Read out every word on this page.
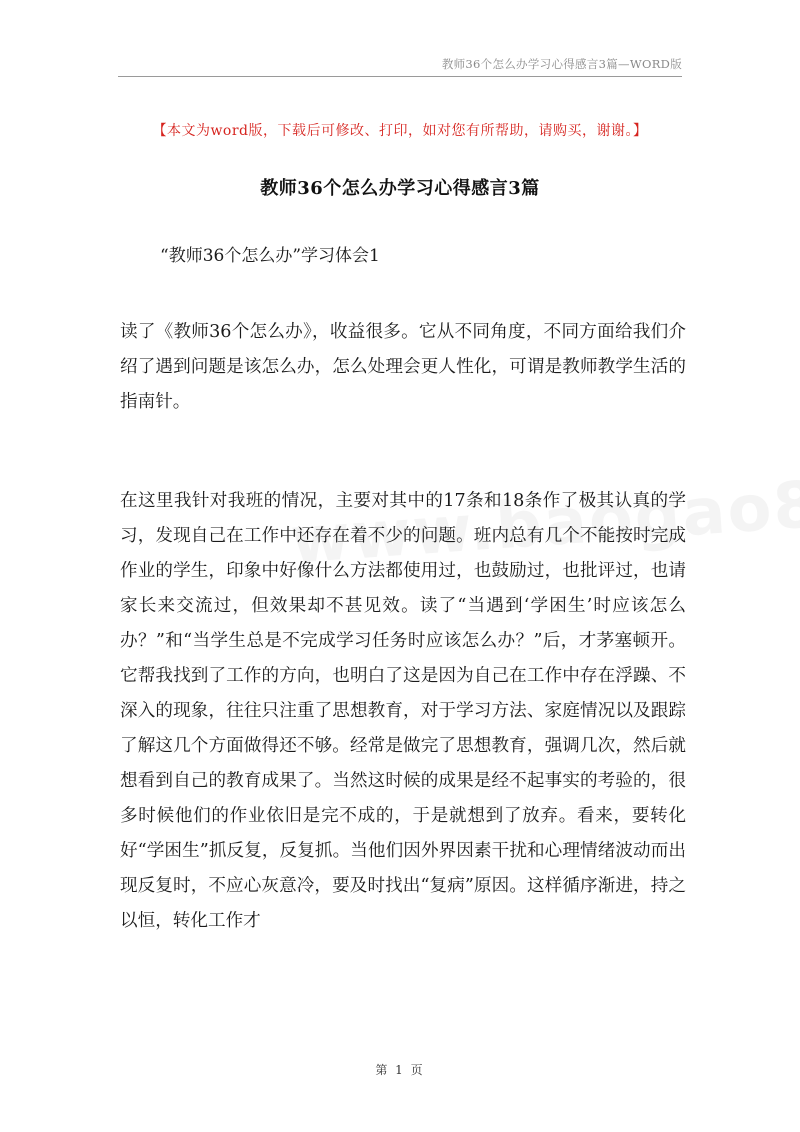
教师36个怎么办学习心得感言3篇—WORD版
【本文为word版，下载后可修改、打印，如对您有所帮助，请购买，谢谢。】
教师36个怎么办学习心得感言3篇
“教师36个怎么办”学习体会1

读了《教师36个怎么办》，收益很多。它从不同角度，不同方面给我们介绍了遇到问题是该怎么办，怎么处理会更人性化，可谓是教师教学生活的指南针。

在这里我针对我班的情况，主要对其中的17条和18条作了极其认真的学习，发现自己在工作中还存在着不少的问题。班内总有几个不能按时完成作业的学生，印象中好像什么方法都使用过，也鼓励过，也批评过，也请家长来交流过，但效果却不甚见效。读了“当遇到‘学困生’时应该怎么办？”和“当学生总是不完成学习任务时应该怎么办？”后，才茅塞顿开。它帮我找到了工作的方向，也明白了这是因为自己在工作中存在浮躁、不深入的现象，往往只注重了思想教育，对于学习方法、家庭情况以及跟踪了解这几个方面做得还不够。经常是做完了思想教育，强调几次，然后就想看到自己的教育成果了。当然这时候的成果是经不起事实的考验的，很多时候他们的作业依旧是完不成的，于是就想到了放弃。看来，要转化好“学困生”抓反复，反复抓。当他们因外界因素干扰和心理情绪波动而出现反复时，不应心灰意冷，要及时找出“复病”原因。这样循序渐进，持之以恒，转化工作才

第 1 页
